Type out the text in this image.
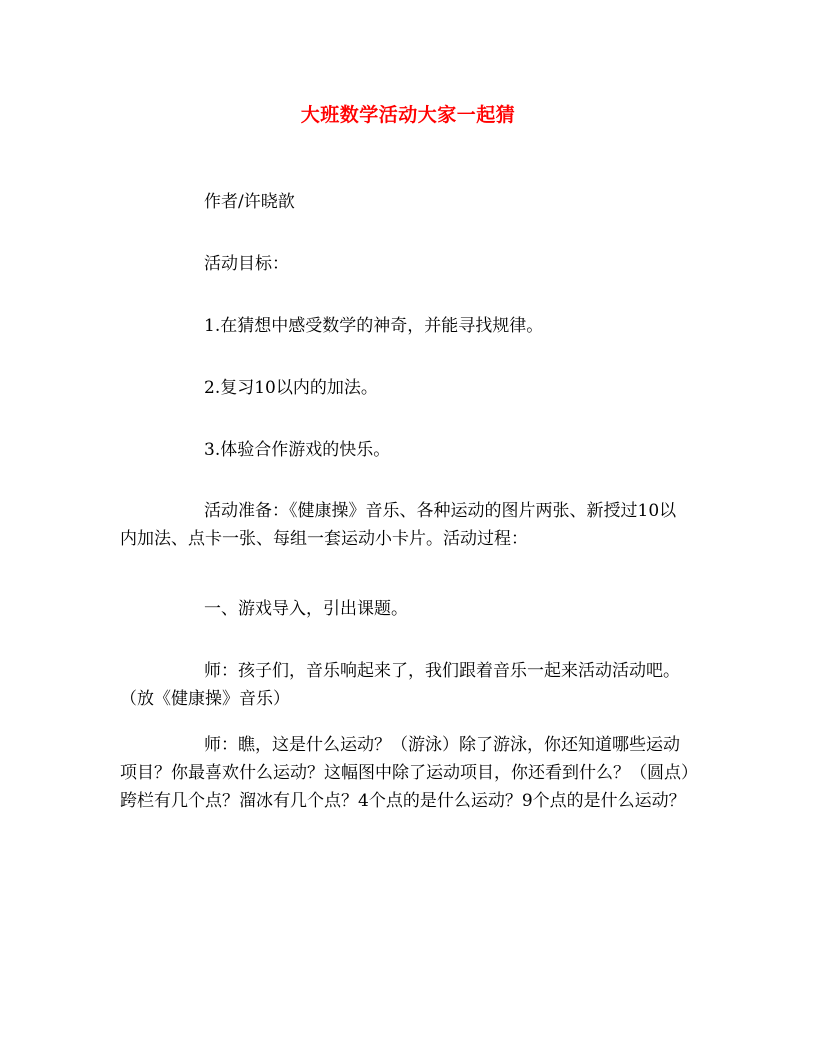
大班数学活动大家一起猜

作者/许晓歆

活动目标：

1.在猜想中感受数学的神奇，并能寻找规律。

2.复习10以内的加法。

3.体验合作游戏的快乐。

活动准备：《健康操》音乐、各种运动的图片两张、新授过10以内加法、点卡一张、每组一套运动小卡片。活动过程：

一、游戏导入，引出课题。

师：孩子们，音乐响起来了，我们跟着音乐一起来活动活动吧。（放《健康操》音乐）

师：瞧，这是什么运动？（游泳）除了游泳，你还知道哪些运动项目？你最喜欢什么运动？这幅图中除了运动项目，你还看到什么？（圆点）跨栏有几个点？溜冰有几个点？4个点的是什么运动？9个点的是什么运动？
